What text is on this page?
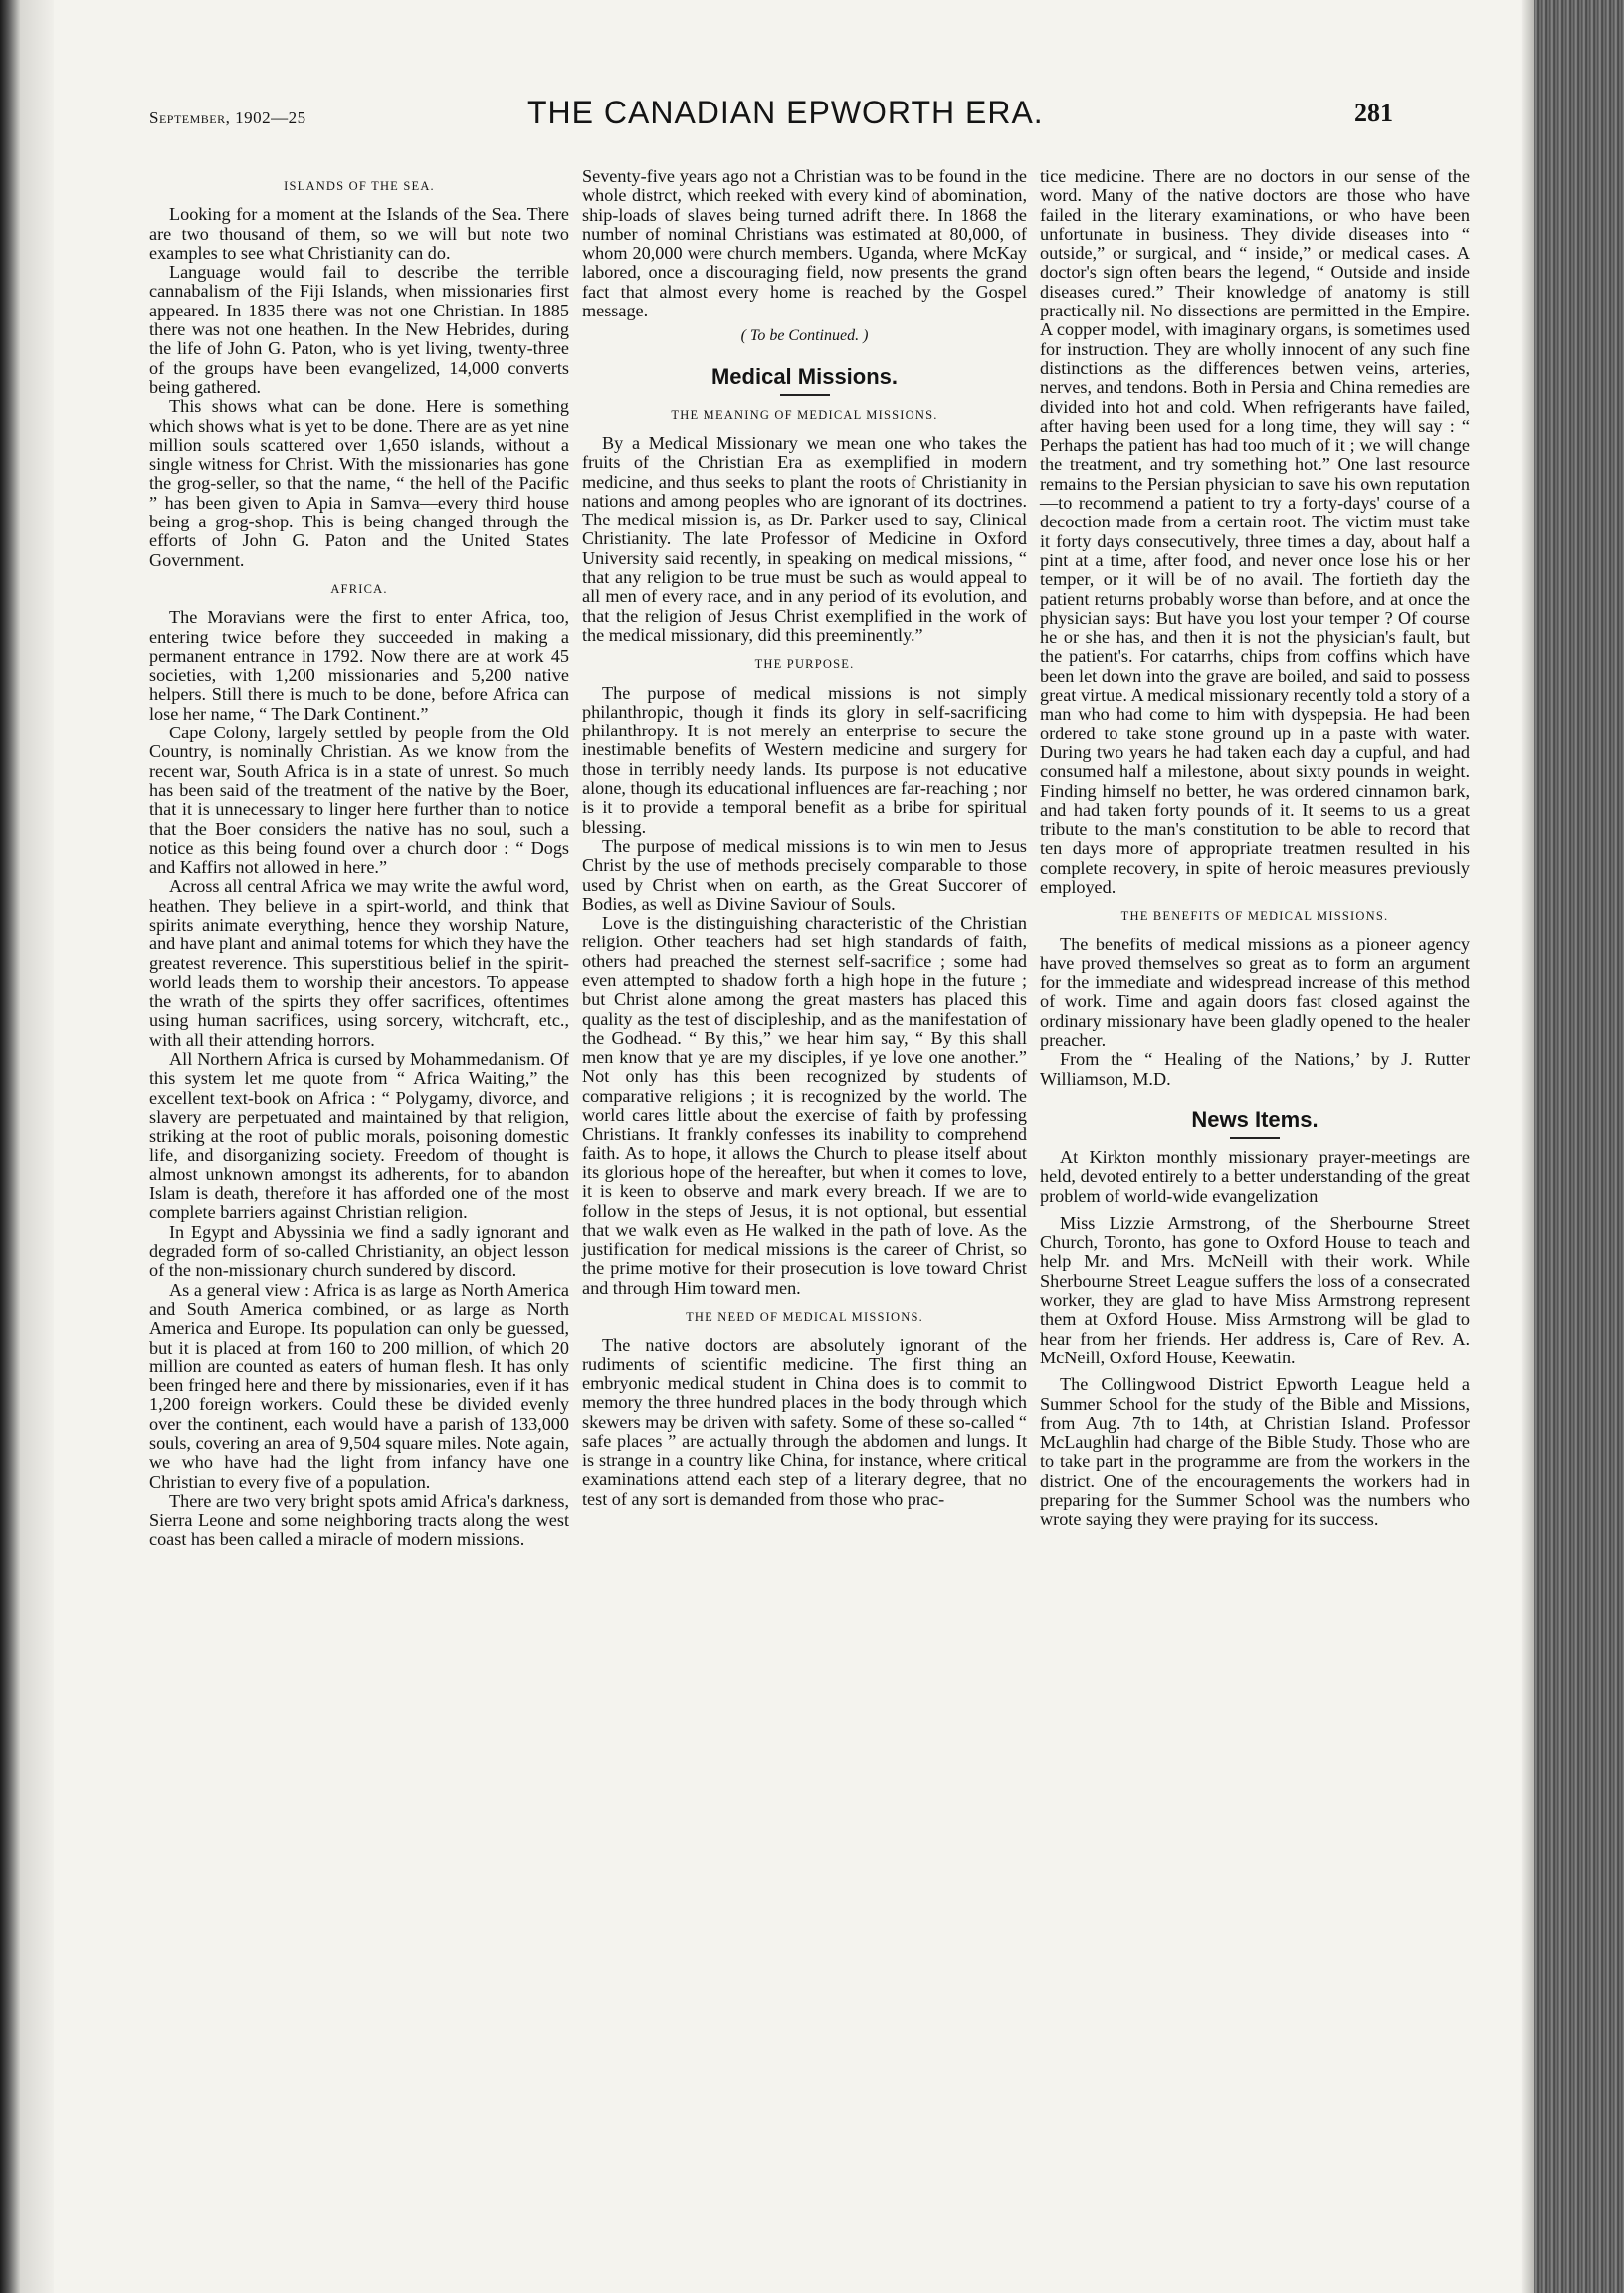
September, 1902—25	THE CANADIAN EPWORTH ERA.	281
ISLANDS OF THE SEA.

Looking for a moment at the Islands of the Sea. There are two thousand of them, so we will but note two examples to see what Christianity can do.

Language would fail to describe the terrible cannabalism of the Fiji Islands, when missionaries first appeared. In 1835 there was not one Christian. In 1885 there was not one heathen. In the New Hebrides, during the life of John G. Paton, who is yet living, twenty-three of the groups have been evangelized, 14,000 converts being gathered.

This shows what can be done. Here is something which shows what is yet to be done. There are as yet nine million souls scattered over 1,650 islands, without a single witness for Christ. With the missionaries has gone the grog-seller, so that the name, “ the hell of the Pacific ” has been given to Apia in Samva—every third house being a grog-shop. This is being changed through the efforts of John G. Paton and the United States Government.

AFRICA.

The Moravians were the first to enter Africa, too, entering twice before they succeeded in making a permanent entrance in 1792. Now there are at work 45 societies, with 1,200 missionaries and 5,200 native helpers. Still there is much to be done, before Africa can lose her name, “ The Dark Continent.”

Cape Colony, largely settled by people from the Old Country, is nominally Christian. As we know from the recent war, South Africa is in a state of unrest. So much has been said of the treatment of the native by the Boer, that it is unnecessary to linger here further than to notice that the Boer considers the native has no soul, such a notice as this being found over a church door : “ Dogs and Kaffirs not allowed in here.”

Across all central Africa we may write the awful word, heathen. They believe in a spirt-world, and think that spirits animate everything, hence they worship Nature, and have plant and animal totems for which they have the greatest reverence. This superstitious belief in the spirit-world leads them to worship their ancestors. To appease the wrath of the spirts they offer sacrifices, oftentimes using human sacrifices, using sorcery, witchcraft, etc., with all their attending horrors.

All Northern Africa is cursed by Mohammedanism. Of this system let me quote from “ Africa Waiting,” the excellent text-book on Africa : “ Polygamy, divorce, and slavery are perpetuated and maintained by that religion, striking at the root of public morals, poisoning domestic life, and disorganizing society. Freedom of thought is almost unknown amongst its adherents, for to abandon Islam is death, therefore it has afforded one of the most complete barriers against Christian religion.

In Egypt and Abyssinia we find a sadly ignorant and degraded form of so-called Christianity, an object lesson of the non-missionary church sundered by discord.

As a general view : Africa is as large as North America and South America combined, or as large as North America and Europe. Its population can only be guessed, but it is placed at from 160 to 200 million, of which 20 million are counted as eaters of human flesh. It has only been fringed here and there by missionaries, even if it has 1,200 foreign workers. Could these be divided evenly over the continent, each would have a parish of 133,000 souls, covering an area of 9,504 square miles. Note again, we who have had the light from infancy have one Christian to every five of a population.

There are two very bright spots amid Africa's darkness, Sierra Leone and some neighboring tracts along the west coast has been called a miracle of modern missions.

Seventy-five years ago not a Christian was to be found in the whole distrct, which reeked with every kind of abomination, ship-loads of slaves being turned adrift there. In 1868 the number of nominal Christians was estimated at 80,000, of whom 20,000 were church members. Uganda, where McKay labored, once a discouraging field, now presents the grand fact that almost every home is reached by the Gospel message.

( To be Continued. )
Medical Missions.
THE MEANING OF MEDICAL MISSIONS.

By a Medical Missionary we mean one who takes the fruits of the Christian Era as exemplified in modern medicine, and thus seeks to plant the roots of Christianity in nations and among peoples who are ignorant of its doctrines. The medical mission is, as Dr. Parker used to say, Clinical Christianity. The late Professor of Medicine in Oxford University said recently, in speaking on medical missions, “ that any religion to be true must be such as would appeal to all men of every race, and in any period of its evolution, and that the religion of Jesus Christ exemplified in the work of the medical missionary, did this preeminently.”

THE PURPOSE.

The purpose of medical missions is not simply philanthropic, though it finds its glory in self-sacrificing philanthropy. It is not merely an enterprise to secure the inestimable benefits of Western medicine and surgery for those in terribly needy lands. Its purpose is not educative alone, though its educational influences are far-reaching ; nor is it to provide a temporal benefit as a bribe for spiritual blessing.

The purpose of medical missions is to win men to Jesus Christ by the use of methods precisely comparable to those used by Christ when on earth, as the Great Succorer of Bodies, as well as Divine Saviour of Souls.

Love is the distinguishing characteristic of the Christian religion. Other teachers had set high standards of faith, others had preached the sternest self-sacrifice ; some had even attempted to shadow forth a high hope in the future ; but Christ alone among the great masters has placed this quality as the test of discipleship, and as the manifestation of the Godhead. “ By this,” we hear him say, “ By this shall men know that ye are my disciples, if ye love one another.” Not only has this been recognized by students of comparative religions ; it is recognized by the world. The world cares little about the exercise of faith by professing Christians. It frankly confesses its inability to comprehend faith. As to hope, it allows the Church to please itself about its glorious hope of the hereafter, but when it comes to love, it is keen to observe and mark every breach. If we are to follow in the steps of Jesus, it is not optional, but essential that we walk even as He walked in the path of love. As the justification for medical missions is the career of Christ, so the prime motive for their prosecution is love toward Christ and through Him toward men.

THE NEED OF MEDICAL MISSIONS.

The native doctors are absolutely ignorant of the rudiments of scientific medicine. The first thing an embryonic medical student in China does is to commit to memory the three hundred places in the body through which skewers may be driven with safety. Some of these so-called “ safe places ” are actually through the abdomen and lungs. It is strange in a country like China, for instance, where critical examinations attend each step of a literary degree, that no test of any sort is demanded from those who prac-

tice medicine. There are no doctors in our sense of the word. Many of the native doctors are those who have failed in the literary examinations, or who have been unfortunate in business. They divide diseases into “ outside,” or surgical, and “ inside,” or medical cases. A doctor's sign often bears the legend, “ Outside and inside diseases cured.” Their knowledge of anatomy is still practically nil. No dissections are permitted in the Empire. A copper model, with imaginary organs, is sometimes used for instruction. They are wholly innocent of any such fine distinctions as the differences betwen veins, arteries, nerves, and tendons. Both in Persia and China remedies are divided into hot and cold. When refrigerants have failed, after having been used for a long time, they will say : “ Perhaps the patient has had too much of it ; we will change the treatment, and try something hot.” One last resource remains to the Persian physician to save his own reputation—to recommend a patient to try a forty-days' course of a decoction made from a certain root. The victim must take it forty days consecutively, three times a day, about half a pint at a time, after food, and never once lose his or her temper, or it will be of no avail. The fortieth day the patient returns probably worse than before, and at once the physician says: But have you lost your temper ? Of course he or she has, and then it is not the physician's fault, but the patient's. For catarrhs, chips from coffins which have been let down into the grave are boiled, and said to possess great virtue. A medical missionary recently told a story of a man who had come to him with dyspepsia. He had been ordered to take stone ground up in a paste with water. During two years he had taken each day a cupful, and had consumed half a milestone, about sixty pounds in weight. Finding himself no better, he was ordered cinnamon bark, and had taken forty pounds of it. It seems to us a great tribute to the man's constitution to be able to record that ten days more of appropriate treatmen resulted in his complete recovery, in spite of heroic measures previously employed.

THE BENEFITS OF MEDICAL MISSIONS.

The benefits of medical missions as a pioneer agency have proved themselves so great as to form an argument for the immediate and widespread increase of this method of work. Time and again doors fast closed against the ordinary missionary have been gladly opened to the healer preacher.

From the “ Healing of the Nations,’ by J. Rutter Williamson, M.D.

News Items.

At Kirkton monthly missionary prayer-meetings are held, devoted entirely to a better understanding of the great problem of world-wide evangelization

Miss Lizzie Armstrong, of the Sherbourne Street Church, Toronto, has gone to Oxford House to teach and help Mr. and Mrs. McNeill with their work. While Sherbourne Street League suffers the loss of a consecrated worker, they are glad to have Miss Armstrong represent them at Oxford House. Miss Armstrong will be glad to hear from her friends. Her address is, Care of Rev. A. McNeill, Oxford House, Keewatin.

The Collingwood District Epworth League held a Summer School for the study of the Bible and Missions, from Aug. 7th to 14th, at Christian Island. Professor McLaughlin had charge of the Bible Study. Those who are to take part in the programme are from the workers in the district. One of the encouragements the workers had in preparing for the Summer School was the numbers who wrote saying they were praying for its success.
